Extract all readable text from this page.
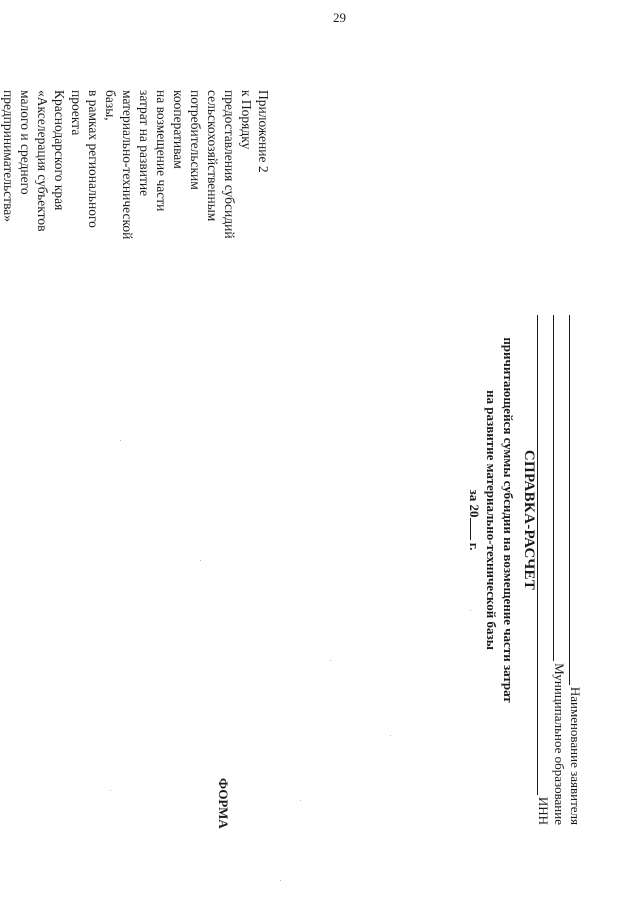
29
Приложение 2
к Порядку
предоставления субсидий
сельскохозяйственным
потребительским
кооперативам
на возмещение части
затрат на развитие
материально-технической
базы,
в рамках регионального
проекта
Краснодарского края
«Акселерация субъектов
малого и среднего
предпринимательства»
СПРАВКА-РАСЧЕТ
причитающейся суммы субсидии на возмещение части затрат
на развитие материально-технической базы
за 20 г.
ФОРМА	Наименование заявителя
Муниципальное образование
ИНН
